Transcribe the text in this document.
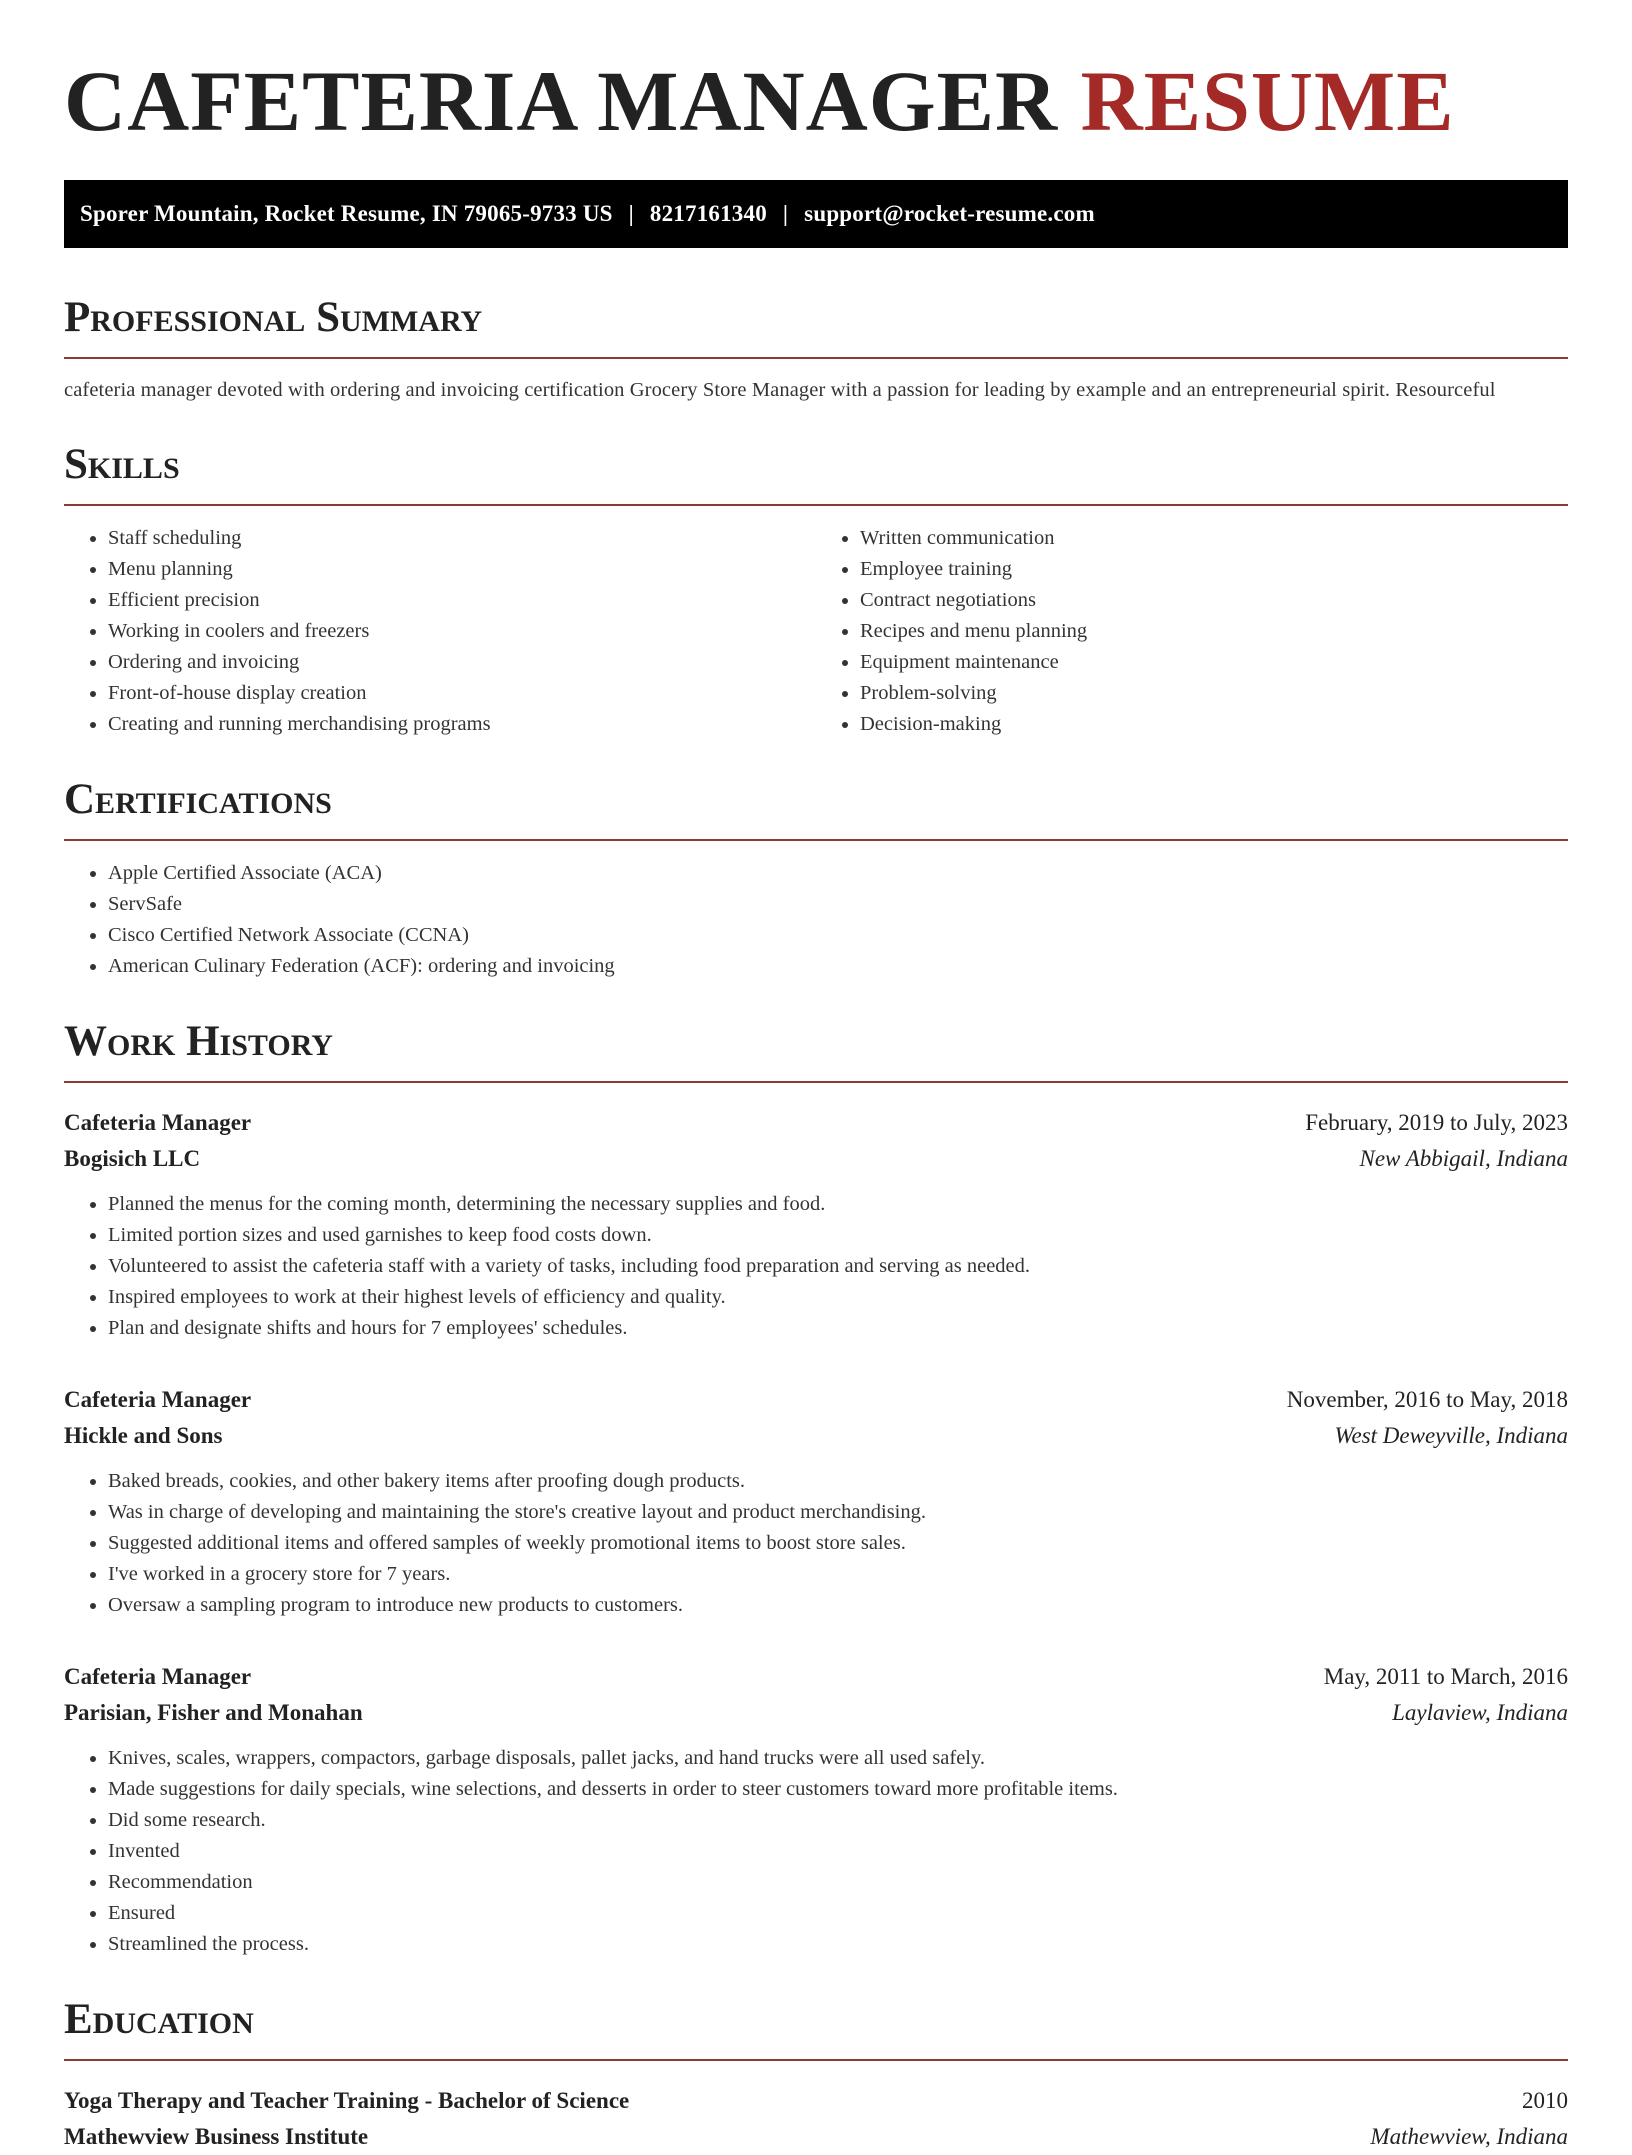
CAFETERIA MANAGER RESUME
Sporer Mountain, Rocket Resume, IN 79065-9733 US | 8217161340 | support@rocket-resume.com
Professional Summary
cafeteria manager devoted with ordering and invoicing certification Grocery Store Manager with a passion for leading by example and an entrepreneurial spirit. Resourceful
Skills
• Staff scheduling
• Menu planning
• Efficient precision
• Working in coolers and freezers
• Ordering and invoicing
• Front-of-house display creation
• Creating and running merchandising programs
• Written communication
• Employee training
• Contract negotiations
• Recipes and menu planning
• Equipment maintenance
• Problem-solving
• Decision-making
Certifications
• Apple Certified Associate (ACA)
• ServSafe
• Cisco Certified Network Associate (CCNA)
• American Culinary Federation (ACF): ordering and invoicing
Work History
Cafeteria Manager	February, 2019 to July, 2023
Bogisich LLC	New Abbigail, Indiana
• Planned the menus for the coming month, determining the necessary supplies and food.
• Limited portion sizes and used garnishes to keep food costs down.
• Volunteered to assist the cafeteria staff with a variety of tasks, including food preparation and serving as needed.
• Inspired employees to work at their highest levels of efficiency and quality.
• Plan and designate shifts and hours for 7 employees' schedules.
Cafeteria Manager	November, 2016 to May, 2018
Hickle and Sons	West Deweyville, Indiana
• Baked breads, cookies, and other bakery items after proofing dough products.
• Was in charge of developing and maintaining the store's creative layout and product merchandising.
• Suggested additional items and offered samples of weekly promotional items to boost store sales.
• I've worked in a grocery store for 7 years.
• Oversaw a sampling program to introduce new products to customers.
Cafeteria Manager	May, 2011 to March, 2016
Parisian, Fisher and Monahan	Laylaview, Indiana
• Knives, scales, wrappers, compactors, garbage disposals, pallet jacks, and hand trucks were all used safely.
• Made suggestions for daily specials, wine selections, and desserts in order to steer customers toward more profitable items.
• Did some research.
• Invented
• Recommendation
• Ensured
• Streamlined the process.
Education
Yoga Therapy and Teacher Training - Bachelor of Science	2010
Mathewview Business Institute	Mathewview, Indiana
